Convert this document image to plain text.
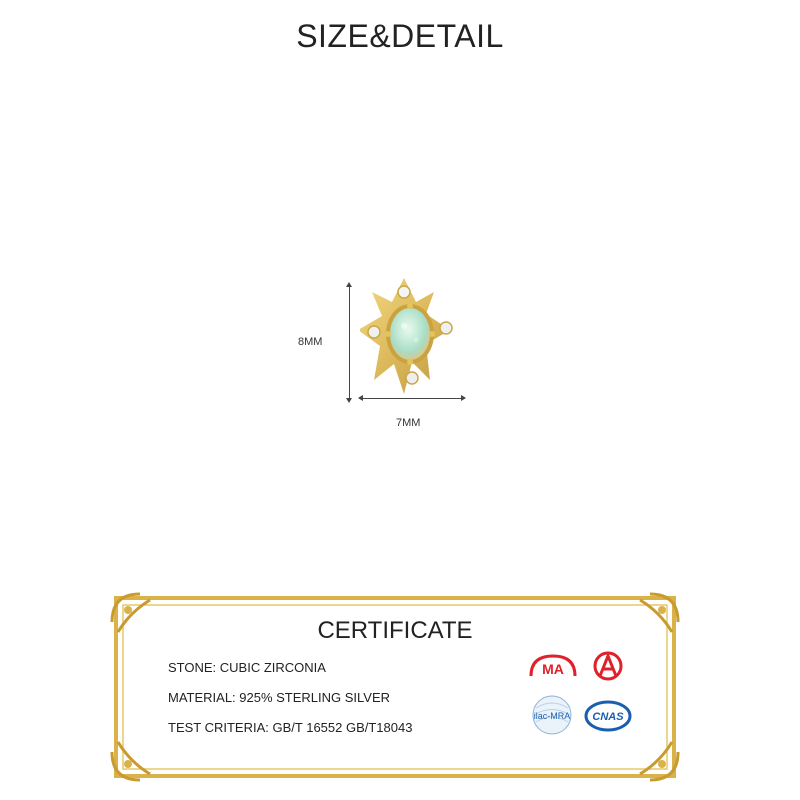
SIZE&DETAIL
8MM
7MM
CERTIFICATE
STONE: CUBIC ZIRCONIA
MATERIAL: 925% STERLING SILVER
TEST CRITERIA: GB/T 16552 GB/T18043
MA
ilac-MRA CNAS
